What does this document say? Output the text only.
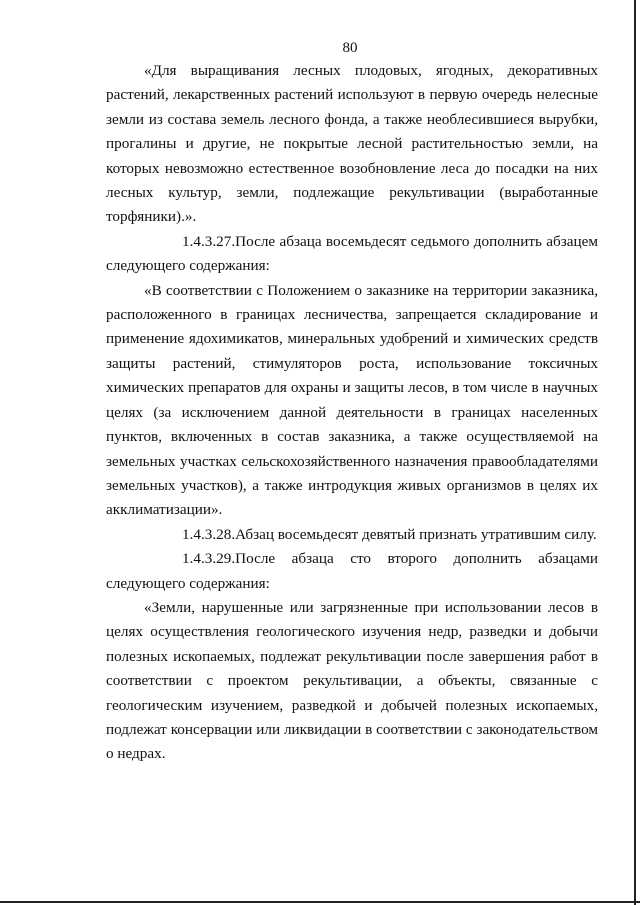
80

«Для выращивания лесных плодовых, ягодных, декоративных растений, лекарственных растений используют в первую очередь нелесные земли из состава земель лесного фонда, а также необлесившиеся вырубки, прогалины и другие, не покрытые лесной растительностью земли, на которых невозможно естественное возобновление леса до посадки на них лесных культур, земли, подлежащие рекультивации (выработанные торфяники).».

1.4.3.27.После абзаца восемьдесят седьмого дополнить абзацем следующего содержания:

«В соответствии с Положением о заказнике на территории заказника, расположенного в границах лесничества, запрещается складирование и применение ядохимикатов, минеральных удобрений и химических средств защиты растений, стимуляторов роста, использование токсичных химических препаратов для охраны и защиты лесов, в том числе в научных целях (за исключением данной деятельности в границах населенных пунктов, включенных в состав заказника, а также осуществляемой на земельных участках сельскохозяйственного назначения правообладателями земельных участков), а также интродукция живых организмов в целях их акклиматизации».

1.4.3.28.Абзац восемьдесят девятый признать утратившим силу.

1.4.3.29.После абзаца сто второго дополнить абзацами следующего содержания:

«Земли, нарушенные или загрязненные при использовании лесов в целях осуществления геологического изучения недр, разведки и добычи полезных ископаемых, подлежат рекультивации после завершения работ в соответствии с проектом рекультивации, а объекты, связанные с геологическим изучением, разведкой и добычей полезных ископаемых, подлежат консервации или ликвидации в соответствии с законодательством о недрах.
